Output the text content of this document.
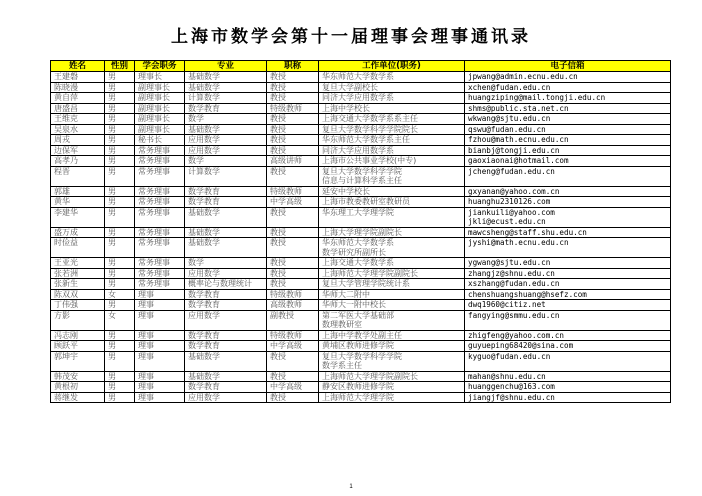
上海市数学会第十一届理事会理事通讯录
姓名	性别	学会职务	专业	职称	工作单位(职务)	电子信箱
王建磐	男	理事长	基础数学	教授	华东师范大学数学系	jpwang@admin.ecnu.edu.cn
陈晓漫	男	副理事长	基础数学	教授	复旦大学副校长	xchen@fudan.edu.cn
黄自萍	男	副理事长	计算数学	教授	同济大学应用数学系	huangziping@mail.tongji.edu.cn
唐盛昌	男	副理事长	数学教育	特级教师	上海中学校长	shms@public.sta.net.cn
王维克	男	副理事长	数学	教授	上海交通大学数学系系主任	wkwang@sjtu.edu.cn
吴泉水	男	副理事长	基础数学	教授	复旦大学数学科学学院院长	qswu@fudan.edu.cn
周戎	男	秘书长	应用数学	教授	华东师范大学数学系主任	fzhou@math.ecnu.edu.cn
边保军	男	常务理事	应用数学	教授	同济大学应用数学系	bianbj@tongji.edu.cn
高孝乃	男	常务理事	数学	高级讲师	上海市公共事业学校(中专)	gaoxiaonai@hotmail.com
程晋	男	常务理事	计算数学	教授	复旦大学数学科学学院
信息与计算科学系主任	jcheng@fudan.edu.cn
郭雄	男	常务理事	数学教育	特级教师	延安中学校长	gxyanan@yahoo.com.cn
黄华	男	常务理事	数学教育	中学高级	上海市教委教研室教研员	huanghu2310126.com
李建华	男	常务理事	基础数学	教授	华东理工大学理学院	jiankuili@yahoo.com
jkli@ecust.edu.cn
盛万成	男	常务理事	基础数学	教授	上海大学理学院副院长	mawcsheng@staff.shu.edu.cn
时俭益	男	常务理事	基础数学	教授	华东师范大学数学系
数学研究所副所长	jyshi@math.ecnu.edu.cn
王亚光	男	常务理事	数学	教授	上海交通大学数学系	ygwang@sjtu.edu.cn
张若洲	男	常务理事	应用数学	教授	上海师范大学理学院副院长	zhangjz@shnu.edu.cn
张新生	男	常务理事	概率论与数理统计	教授	复旦大学管理学院统计系	xszhang@fudan.edu.cn
陈双双	女	理事	数学教育	特级教师	华师大二附中	chenshuangshuang@hsefz.com
丁伟强	男	理事	数学教育	高级教师	华师大一附中校长	dwq1960@citiz.net
方影	女	理事	应用数学	副教授	第二军医大学基础部
数理教研室	fangying@smmu.edu.cn
冯志刚	男	理事	数学教育	特级教师	上海中学教学处副主任	zhigfeng@yahoo.com.cn
顾跃平	男	理事	数学教育	中学高级	黄埔区教师进修学院	guyueping68420@sina.com
郭坤宇	男	理事	基础数学	教授	复旦大学数学科学学院
数学系主任	kyguo@fudan.edu.cn
韩茂安	男	理事	基础数学	教授	上海师范大学理学院副院长	mahan@shnu.edu.cn
黄根初	男	理事	数学教育	中学高级	静安区教师进修学院	huanggenchu@163.com
蒋继发	男	理事	应用数学	教授	上海师范大学理学院	jiangjf@shnu.edu.cn
1
